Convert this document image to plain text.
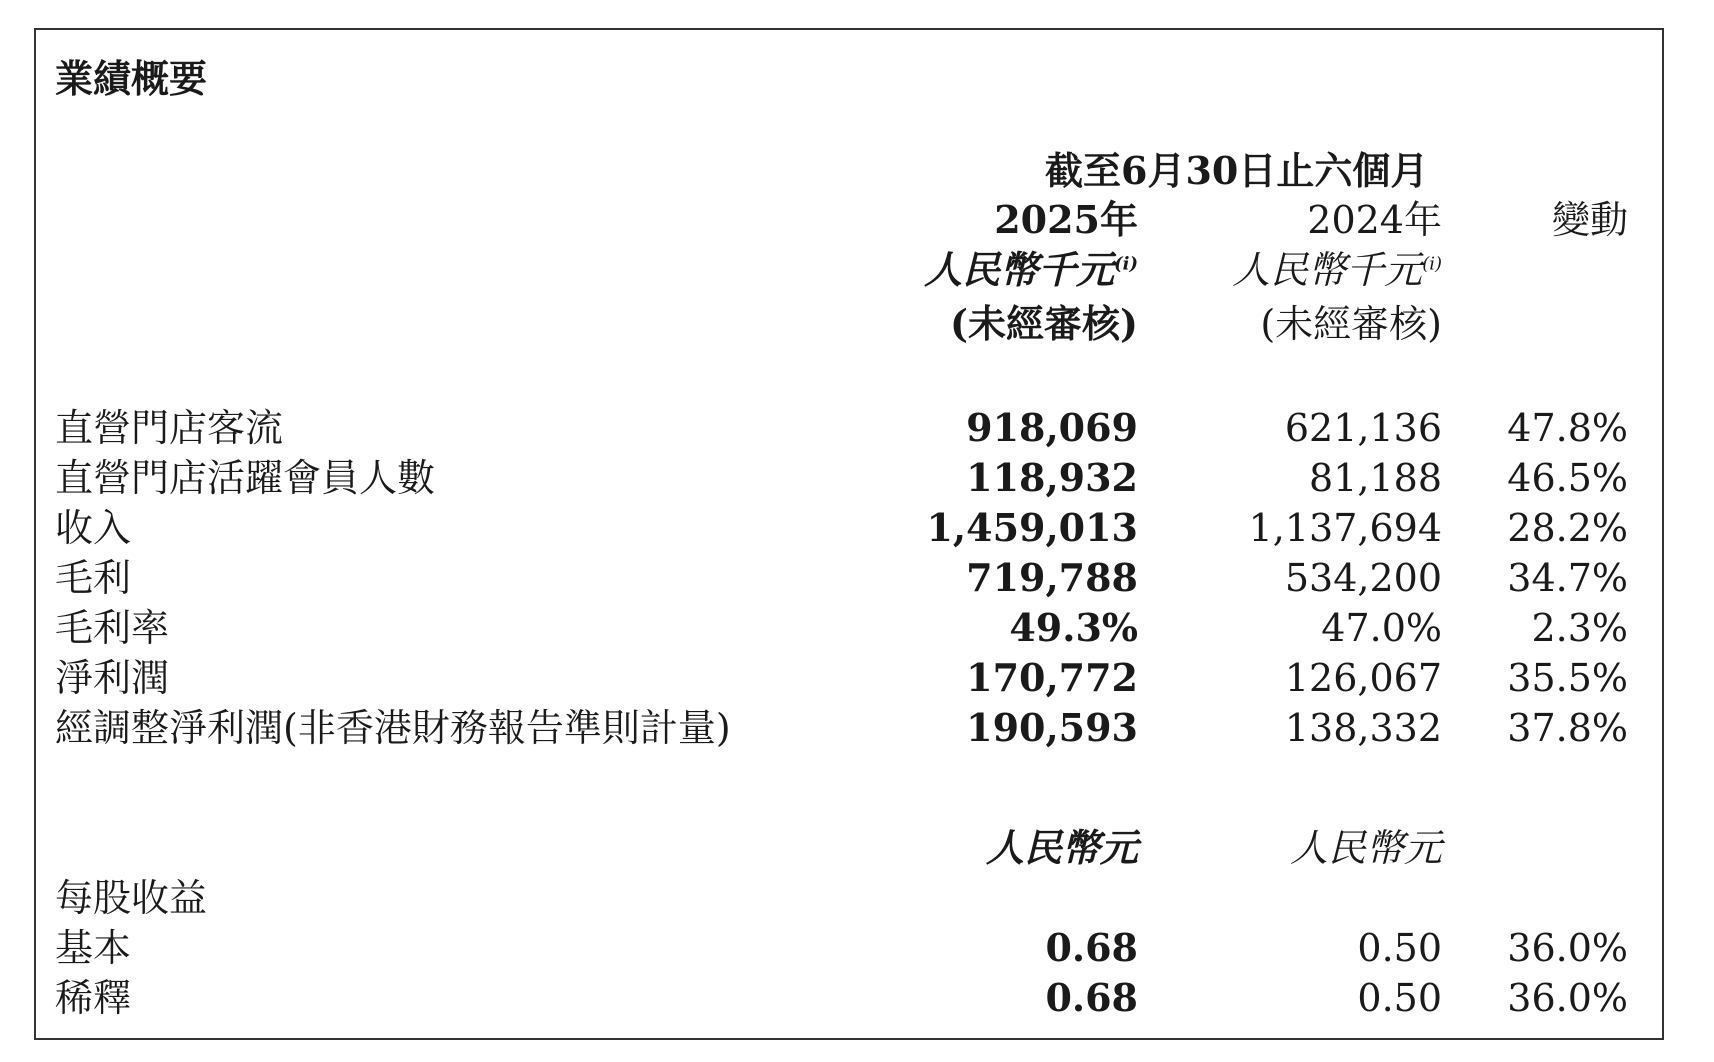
業績概要
截至6月30日止六個月
2025年	2024年	變動
人民幣千元$^{(i)}$ 人民幣千元$^{(i)}$
(未經審核)	(未經審核)
直營門店客流	918,069	621,136 47.8%
直營門店活躍會員人數	118,932	81,188 46.5%
收入	1,459,013	1,137,694 28.2%
毛利	719,788	534,200 34.7%
毛利率	49.3%	47.0% 2.3%
淨利潤	170,772	126,067 35.5%
經調整淨利潤(非香港財務報告準則計量)	190,593	138,332 37.8%
人民幣元	人民幣元
每股收益
基本	0.68	0.50 36.0%
稀釋	0.68	0.50 36.0%
